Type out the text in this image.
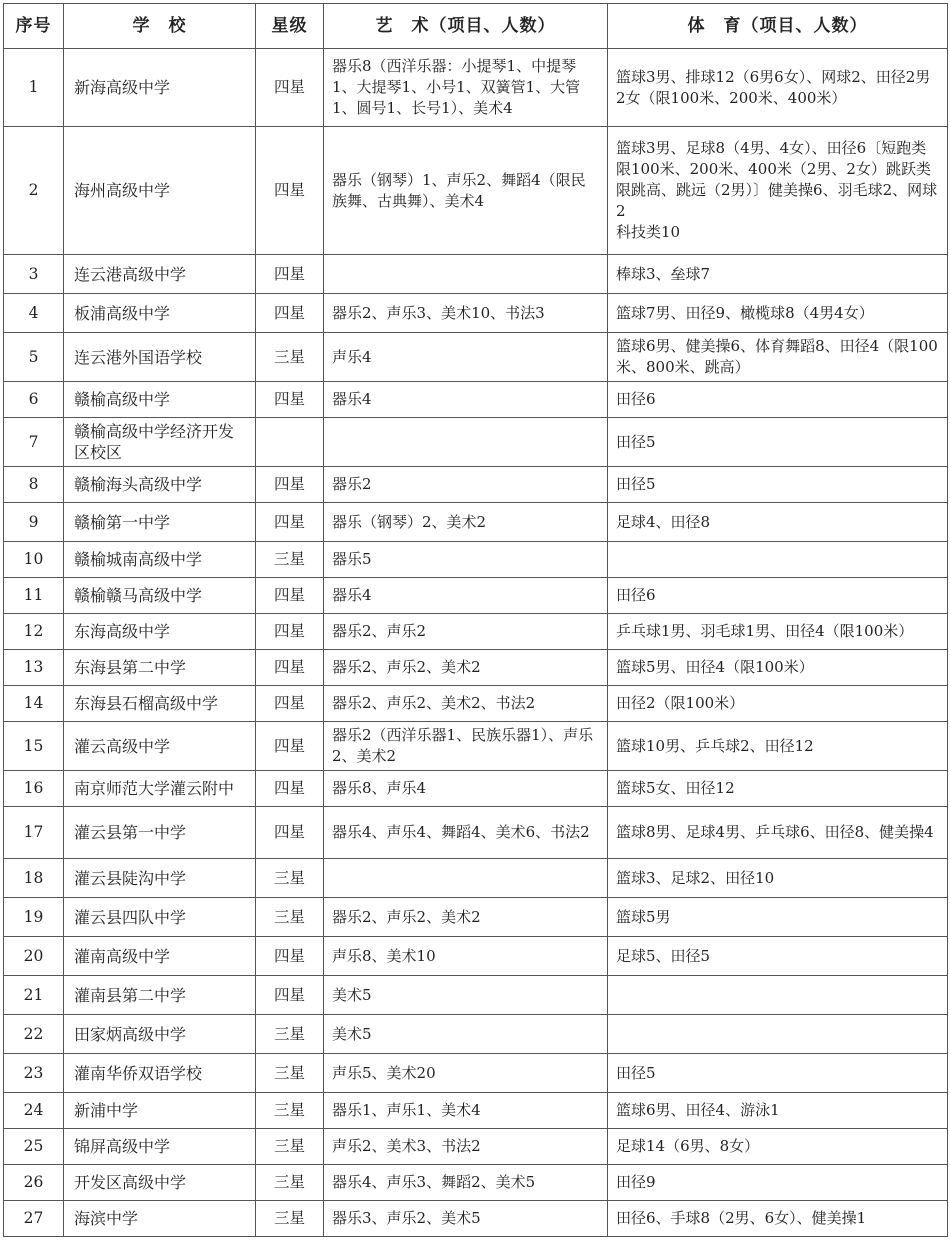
序号	学　校	星级	艺　术（项目、人数）	体　育（项目、人数）
1	新海高级中学	四星	器乐8（西洋乐器：小提琴1、中提琴1、大提琴1、小号1、双簧管1、大管1、圆号1、长号1）、美术4	篮球3男、排球12（6男6女）、网球2、田径2男2女（限100米、200米、400米）
2	海州高级中学	四星	器乐（钢琴）1、声乐2、舞蹈4（限民族舞、古典舞）、美术4	篮球3男、足球8（4男、4女）、田径6〔短跑类限100米、200米、400米（2男、2女）跳跃类限跳高、跳远（2男）〕健美操6、羽毛球2、网球2
科技类10
3	连云港高级中学	四星		棒球3、垒球7
4	板浦高级中学	四星	器乐2、声乐3、美术10、书法3	篮球7男、田径9、橄榄球8（4男4女）
5	连云港外国语学校	三星	声乐4	篮球6男、健美操6、体育舞蹈8、田径4（限100米、800米、跳高）
6	赣榆高级中学	四星	器乐4	田径6
7	赣榆高级中学经济开发区校区			田径5
8	赣榆海头高级中学	四星	器乐2	田径5
9	赣榆第一中学	四星	器乐（钢琴）2、美术2	足球4、田径8
10	赣榆城南高级中学	三星	器乐5	
11	赣榆赣马高级中学	四星	器乐4	田径6
12	东海高级中学	四星	器乐2、声乐2	乒乓球1男、羽毛球1男、田径4（限100米）
13	东海县第二中学	四星	器乐2、声乐2、美术2	篮球5男、田径4（限100米）
14	东海县石榴高级中学	四星	器乐2、声乐2、美术2、书法2	田径2（限100米）
15	灌云高级中学	四星	器乐2（西洋乐器1、民族乐器1）、声乐2、美术2	篮球10男、乒乓球2、田径12
16	南京师范大学灌云附中	四星	器乐8、声乐4	篮球5女、田径12
17	灌云县第一中学	四星	器乐4、声乐4、舞蹈4、美术6、书法2	篮球8男、足球4男、乒乓球6、田径8、健美操4
18	灌云县陡沟中学	三星		篮球3、足球2、田径10
19	灌云县四队中学	三星	器乐2、声乐2、美术2	篮球5男
20	灌南高级中学	四星	声乐8、美术10	足球5、田径5
21	灌南县第二中学	四星	美术5	
22	田家炳高级中学	三星	美术5	
23	灌南华侨双语学校	三星	声乐5、美术20	田径5
24	新浦中学	三星	器乐1、声乐1、美术4	篮球6男、田径4、游泳1
25	锦屏高级中学	三星	声乐2、美术3、书法2	足球14（6男、8女）
26	开发区高级中学	三星	器乐4、声乐3、舞蹈2、美术5	田径9
27	海滨中学	三星	器乐3、声乐2、美术5	田径6、手球8（2男、6女）、健美操1
